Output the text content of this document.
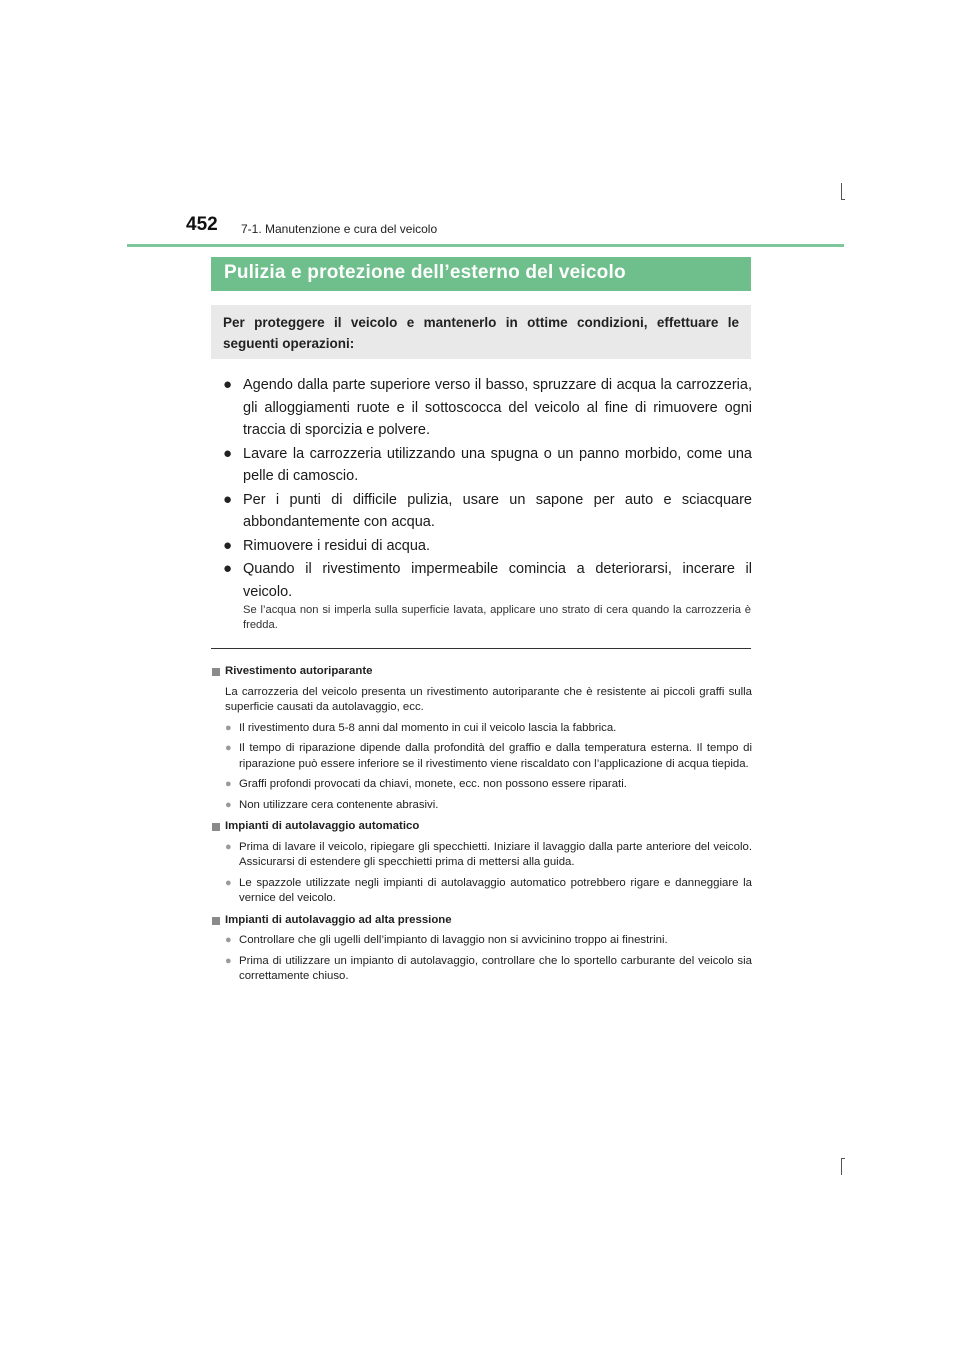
452 7-1. Manutenzione e cura del veicolo
Pulizia e protezione dell’esterno del veicolo
Per proteggere il veicolo e mantenerlo in ottime condizioni, effettuare le seguenti operazioni:
● Agendo dalla parte superiore verso il basso, spruzzare di acqua la carrozzeria, gli alloggiamenti ruote e il sottoscocca del veicolo al fine di rimuovere ogni traccia di sporcizia e polvere.
● Lavare la carrozzeria utilizzando una spugna o un panno morbido, come una pelle di camoscio.
● Per i punti di difficile pulizia, usare un sapone per auto e sciacquare abbondantemente con acqua.
● Rimuovere i residui di acqua.
● Quando il rivestimento impermeabile comincia a deteriorarsi, incerare il veicolo.
Se l’acqua non si imperla sulla superficie lavata, applicare uno strato di cera quando la carrozzeria è fredda.
Rivestimento autoriparante
La carrozzeria del veicolo presenta un rivestimento autoriparante che è resistente ai piccoli graffi sulla superficie causati da autolavaggio, ecc.
● Il rivestimento dura 5-8 anni dal momento in cui il veicolo lascia la fabbrica.
● Il tempo di riparazione dipende dalla profondità del graffio e dalla temperatura esterna. Il tempo di riparazione può essere inferiore se il rivestimento viene riscaldato con l’applicazione di acqua tiepida.
● Graffi profondi provocati da chiavi, monete, ecc. non possono essere riparati.
● Non utilizzare cera contenente abrasivi.
Impianti di autolavaggio automatico
● Prima di lavare il veicolo, ripiegare gli specchietti. Iniziare il lavaggio dalla parte anteriore del veicolo. Assicurarsi di estendere gli specchietti prima di mettersi alla guida.
● Le spazzole utilizzate negli impianti di autolavaggio automatico potrebbero rigare e danneggiare la vernice del veicolo.
Impianti di autolavaggio ad alta pressione
● Controllare che gli ugelli dell’impianto di lavaggio non si avvicinino troppo ai finestrini.
● Prima di utilizzare un impianto di autolavaggio, controllare che lo sportello carburante del veicolo sia correttamente chiuso.
